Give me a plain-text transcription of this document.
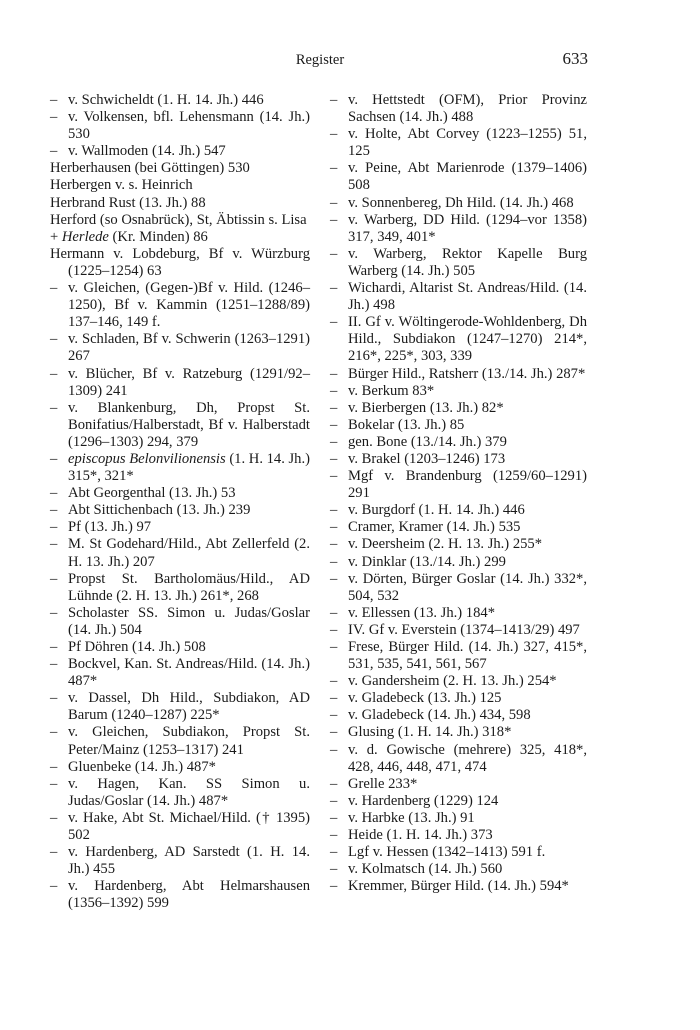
Register	633
– v. Schwicheldt (1. H. 14. Jh.) 446
– v. Volkensen, bfl. Lehensmann (14. Jh.) 530
– v. Wallmoden (14. Jh.) 547
Herberhausen (bei Göttingen) 530
Herbergen v. s. Heinrich
Herbrand Rust (13. Jh.) 88
Herford (so Osnabrück), St, Äbtissin s. Lisa
+ Herlede (Kr. Minden) 86
Hermann v. Lobdeburg, Bf v. Würzburg (1225–1254) 63
– v. Gleichen, (Gegen-)Bf v. Hild. (1246–1250), Bf v. Kammin (1251–1288/89) 137–146, 149 f.
– v. Schladen, Bf v. Schwerin (1263–1291) 267
– v. Blücher, Bf v. Ratzeburg (1291/92–1309) 241
– v. Blankenburg, Dh, Propst St. Bonifatius/Halberstadt, Bf v. Halberstadt (1296–1303) 294, 379
– episcopus Belonvilionensis (1. H. 14. Jh.) 315*, 321*
– Abt Georgenthal (13. Jh.) 53
– Abt Sittichenbach (13. Jh.) 239
– Pf (13. Jh.) 97
– M. St Godehard/Hild., Abt Zellerfeld (2. H. 13. Jh.) 207
– Propst St. Bartholomäus/Hild., AD Lühnde (2. H. 13. Jh.) 261*, 268
– Scholaster SS. Simon u. Judas/Goslar (14. Jh.) 504
– Pf Döhren (14. Jh.) 508
– Bockvel, Kan. St. Andreas/Hild. (14. Jh.) 487*
– v. Dassel, Dh Hild., Subdiakon, AD Barum (1240–1287) 225*
– v. Gleichen, Subdiakon, Propst St. Peter/Mainz (1253–1317) 241
– Gluenbeke (14. Jh.) 487*
– v. Hagen, Kan. SS Simon u. Judas/Goslar (14. Jh.) 487*
– v. Hake, Abt St. Michael/Hild. († 1395) 502
– v. Hardenberg, AD Sarstedt (1. H. 14. Jh.) 455
– v. Hardenberg, Abt Helmarshausen (1356–1392) 599
– v. Hettstedt (OFM), Prior Provinz Sachsen (14. Jh.) 488
– v. Holte, Abt Corvey (1223–1255) 51, 125
– v. Peine, Abt Marienrode (1379–1406) 508
– v. Sonnenbereg, Dh Hild. (14. Jh.) 468
– v. Warberg, DD Hild. (1294–vor 1358) 317, 349, 401*
– v. Warberg, Rektor Kapelle Burg Warberg (14. Jh.) 505
– Wichardi, Altarist St. Andreas/Hild. (14. Jh.) 498
– II. Gf v. Wöltingerode-Wohldenberg, Dh Hild., Subdiakon (1247–1270) 214*, 216*, 225*, 303, 339
– Bürger Hild., Ratsherr (13./14. Jh.) 287*
– v. Berkum 83*
– v. Bierbergen (13. Jh.) 82*
– Bokelar (13. Jh.) 85
– gen. Bone (13./14. Jh.) 379
– v. Brakel (1203–1246) 173
– Mgf v. Brandenburg (1259/60–1291) 291
– v. Burgdorf (1. H. 14. Jh.) 446
– Cramer, Kramer (14. Jh.) 535
– v. Deersheim (2. H. 13. Jh.) 255*
– v. Dinklar (13./14. Jh.) 299
– v. Dörten, Bürger Goslar (14. Jh.) 332*, 504, 532
– v. Ellessen (13. Jh.) 184*
– IV. Gf v. Everstein (1374–1413/29) 497
– Frese, Bürger Hild. (14. Jh.) 327, 415*, 531, 535, 541, 561, 567
– v. Gandersheim (2. H. 13. Jh.) 254*
– v. Gladebeck (13. Jh.) 125
– v. Gladebeck (14. Jh.) 434, 598
– Glusing (1. H. 14. Jh.) 318*
– v. d. Gowische (mehrere) 325, 418*, 428, 446, 448, 471, 474
– Grelle 233*
– v. Hardenberg (1229) 124
– v. Harbke (13. Jh.) 91
– Heide (1. H. 14. Jh.) 373
– Lgf v. Hessen (1342–1413) 591 f.
– v. Kolmatsch (14. Jh.) 560
– Kremmer, Bürger Hild. (14. Jh.) 594*
